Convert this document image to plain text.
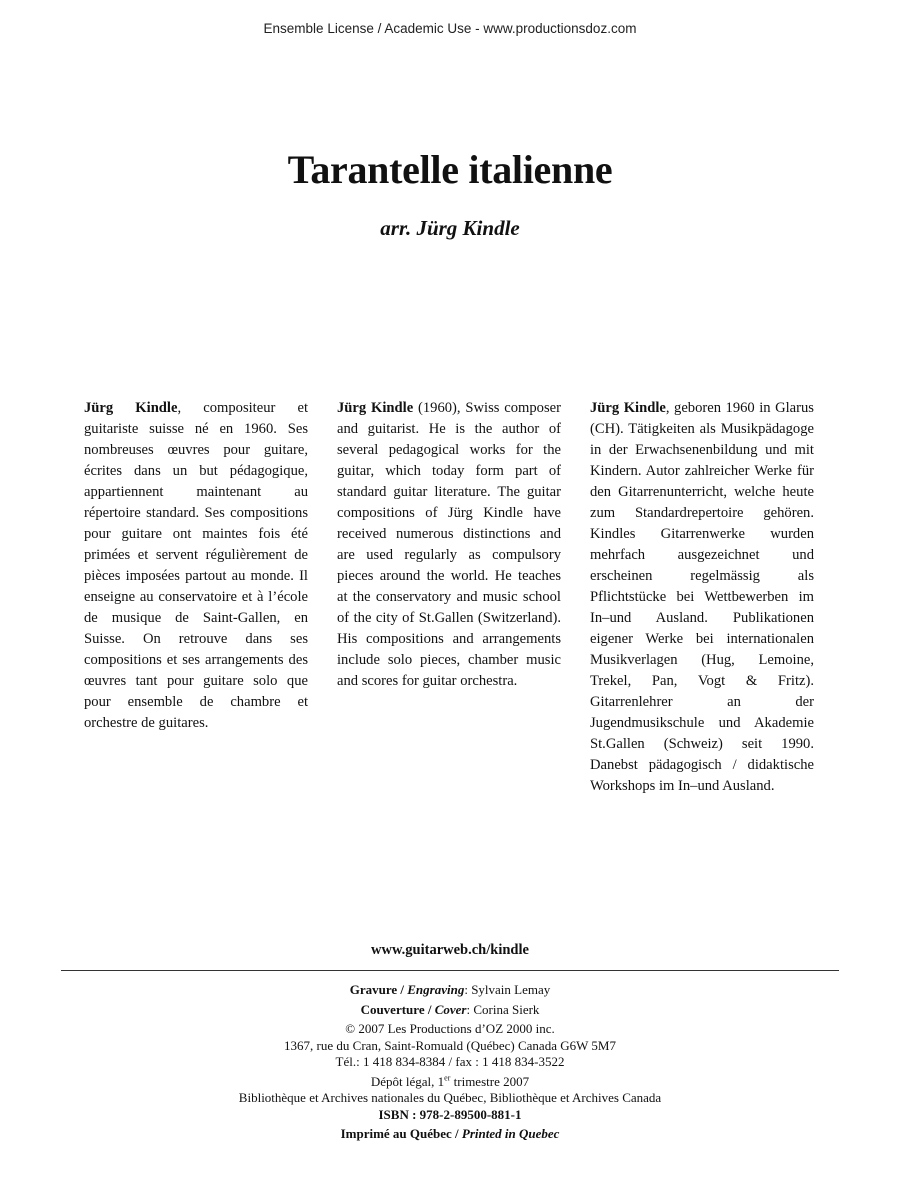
Ensemble License / Academic Use - www.productionsdoz.com
Tarantelle italienne
arr. Jürg Kindle

Jürg Kindle, compositeur et guitariste suisse né en 1960. Ses nombreuses œuvres pour guitare, écrites dans un but pédagogique, appartiennent maintenant au répertoire standard. Ses compositions pour guitare ont maintes fois été primées et servent régulièrement de pièces imposées partout au monde. Il enseigne au conservatoire et à l’école de musique de Saint-Gallen, en Suisse. On retrouve dans ses compositions et ses arrangements des œuvres tant pour guitare solo que pour ensemble de chambre et orchestre de guitares.

Jürg Kindle (1960), Swiss composer and guitarist. He is the author of several pedagogical works for the guitar, which today form part of standard guitar literature. The guitar compositions of Jürg Kindle have received numerous distinctions and are used regularly as compulsory pieces around the world. He teaches at the conservatory and music school of the city of St.Gallen (Switzerland). His compositions and arrangements include solo pieces, chamber music and scores for guitar orchestra.

Jürg Kindle, geboren 1960 in Glarus (CH). Tätigkeiten als Musikpädagoge in der Erwachsenenbildung und mit Kindern. Autor zahlreicher Werke für den Gitarrenunterricht, welche heute zum Standardrepertoire gehören. Kindles Gitarrenwerke wurden mehrfach ausgezeichnet und erscheinen regelmässig als Pflichtstücke bei Wettbewerben im In–und Ausland. Publikationen eigener Werke bei internationalen Musikverlagen (Hug, Lemoine, Trekel, Pan, Vogt & Fritz). Gitarrenlehrer an der Jugendmusikschule und Akademie St.Gallen (Schweiz) seit 1990. Danebst pädagogisch / didaktische Workshops im In–und Ausland.

www.guitarweb.ch/kindle
Gravure / Engraving: Sylvain Lemay
Couverture / Cover: Corina Sierk
© 2007 Les Productions d’OZ 2000 inc.
1367, rue du Cran, Saint-Romuald (Québec) Canada G6W 5M7
Tél.: 1 418 834-8384 / fax : 1 418 834-3522
Dépôt légal, 1er trimestre 2007
Bibliothèque et Archives nationales du Québec, Bibliothèque et Archives Canada
ISBN : 978-2-89500-881-1
Imprimé au Québec / Printed in Quebec
